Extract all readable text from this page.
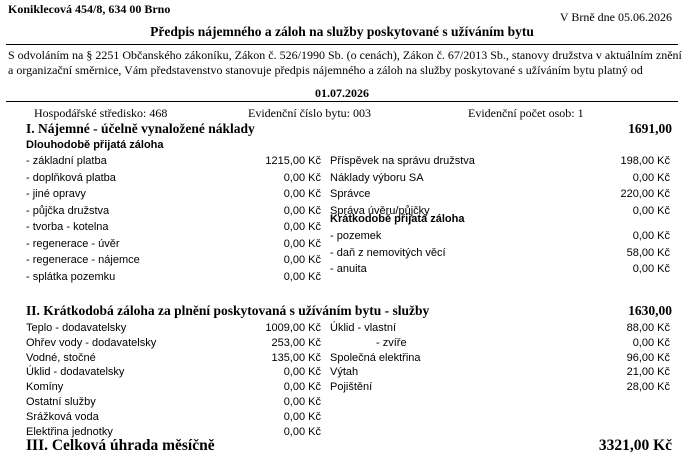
Koniklecová 454/8, 634 00 Brno
V Brně dne 05.06.2026
Předpis nájemného a záloh na služby poskytované s užíváním bytu
S odvoláním na § 2251 Občanského zákoníku, Zákon č. 526/1990 Sb. (o cenách), Zákon č. 67/2013 Sb., stanovy družstva v aktuálním znění
a organizační směrnice, Vám představenstvo stanovuje předpis nájemného a záloh na služby poskytované s užíváním bytu platný od
01.07.2026
Hospodářské středisko: 468	Evidenční číslo bytu: 003	Evidenční počet osob: 1
I. Nájemné - účelně vynaložené náklady	1691,00
Dlouhodobě přijatá záloha
- základní platba	1215,00 Kč
- doplňková platba	0,00 Kč
- jiné opravy	0,00 Kč
- půjčka družstva	0,00 Kč
- tvorba - kotelna	0,00 Kč
- regenerace - úvěr	0,00 Kč
- regenerace - nájemce	0,00 Kč
- splátka pozemku	0,00 Kč
Příspěvek na správu družstva	198,00 Kč
Náklady výboru SA	0,00 Kč
Správce	220,00 Kč
Správa úvěru/půjčky	0,00 Kč
Krátkodobě přijatá záloha
- pozemek	0,00 Kč
- daň z nemovitých věcí	58,00 Kč
- anuita	0,00 Kč
II. Krátkodobá záloha za plnění poskytovaná s užíváním bytu - služby	1630,00
Teplo - dodavatelsky	1009,00 Kč
Ohřev vody - dodavatelsky	253,00 Kč
Vodné, stočné	135,00 Kč
Úklid - dodavatelsky	0,00 Kč
Komíny	0,00 Kč
Ostatní služby	0,00 Kč
Srážková voda	0,00 Kč
Elektřina jednotky	0,00 Kč
Úklid - vlastní	88,00 Kč
- zvíře	0,00 Kč
Společná elektřina	96,00 Kč
Výtah	21,00 Kč
Pojištění	28,00 Kč
III. Celková úhrada měsíčně	3321,00 Kč
